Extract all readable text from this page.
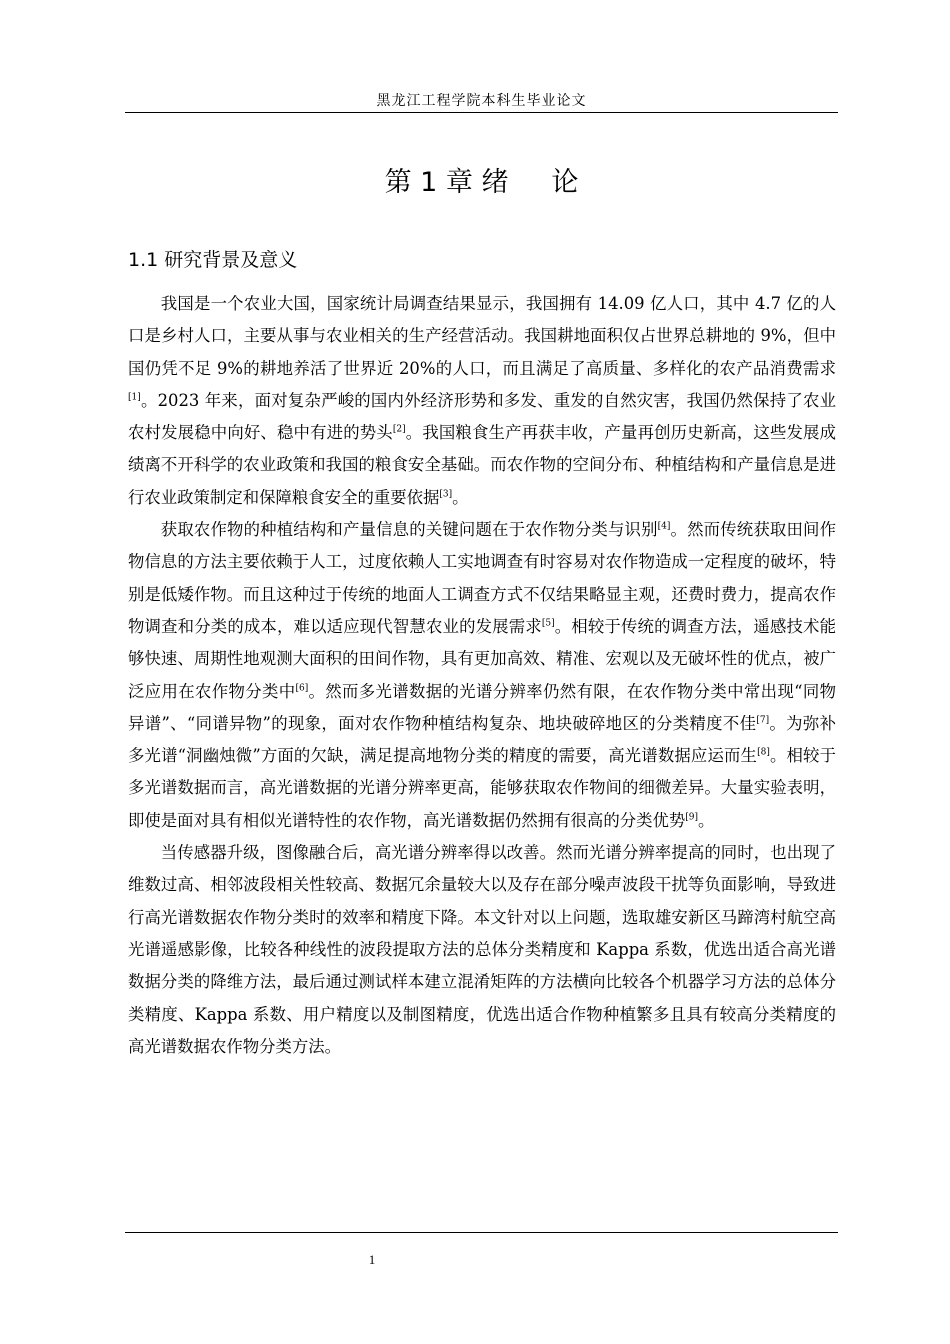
黑龙江工程学院本科生毕业论文
第 1 章 绪     论
1.1 研究背景及意义

我国是一个农业大国，国家统计局调查结果显示，我国拥有 14.09 亿人口，其中 4.7 亿的人口是乡村人口，主要从事与农业相关的生产经营活动。我国耕地面积仅占世界总耕地的 9%，但中国仍凭不足 9%的耕地养活了世界近 20%的人口，而且满足了高质量、多样化的农产品消费需求[1]。2023 年来，面对复杂严峻的国内外经济形势和多发、重发的自然灾害，我国仍然保持了农业农村发展稳中向好、稳中有进的势头[2]。我国粮食生产再获丰收，产量再创历史新高，这些发展成绩离不开科学的农业政策和我国的粮食安全基础。而农作物的空间分布、种植结构和产量信息是进行农业政策制定和保障粮食安全的重要依据[3]。

获取农作物的种植结构和产量信息的关键问题在于农作物分类与识别[4]。然而传统获取田间作物信息的方法主要依赖于人工，过度依赖人工实地调查有时容易对农作物造成一定程度的破坏，特别是低矮作物。而且这种过于传统的地面人工调查方式不仅结果略显主观，还费时费力，提高农作物调查和分类的成本，难以适应现代智慧农业的发展需求[5]。相较于传统的调查方法，遥感技术能够快速、周期性地观测大面积的田间作物，具有更加高效、精准、宏观以及无破坏性的优点，被广泛应用在农作物分类中[6]。然而多光谱数据的光谱分辨率仍然有限，在农作物分类中常出现“同物异谱”、“同谱异物”的现象，面对农作物种植结构复杂、地块破碎地区的分类精度不佳[7]。为弥补多光谱“洞幽烛微”方面的欠缺，满足提高地物分类的精度的需要，高光谱数据应运而生[8]。相较于多光谱数据而言，高光谱数据的光谱分辨率更高，能够获取农作物间的细微差异。大量实验表明，即使是面对具有相似光谱特性的农作物，高光谱数据仍然拥有很高的分类优势[9]。

当传感器升级，图像融合后，高光谱分辨率得以改善。然而光谱分辨率提高的同时，也出现了维数过高、相邻波段相关性较高、数据冗余量较大以及存在部分噪声波段干扰等负面影响，导致进行高光谱数据农作物分类时的效率和精度下降。本文针对以上问题，选取雄安新区马蹄湾村航空高光谱遥感影像，比较各种线性的波段提取方法的总体分类精度和 Kappa 系数，优选出适合高光谱数据分类的降维方法，最后通过测试样本建立混淆矩阵的方法横向比较各个机器学习方法的总体分类精度、Kappa 系数、用户精度以及制图精度，优选出适合作物种植繁多且具有较高分类精度的高光谱数据农作物分类方法。

1
